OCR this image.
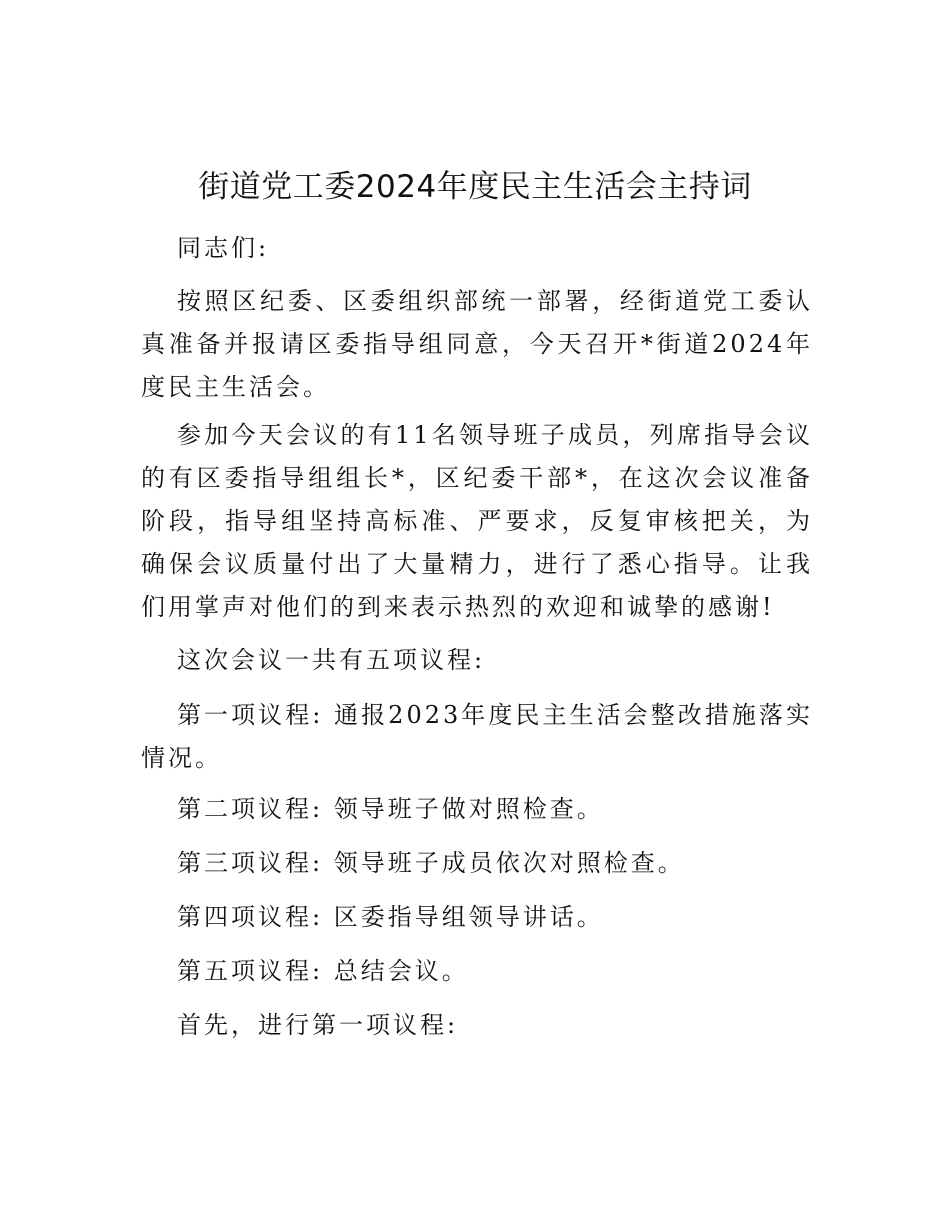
街道党工委2024年度民主生活会主持词

同志们:

按照区纪委、区委组织部统一部署，经街道党工委认真准备并报请区委指导组同意，今天召开*街道2024年度民主生活会。

参加今天会议的有11名领导班子成员，列席指导会议的有区委指导组组长*，区纪委干部*，在这次会议准备阶段，指导组坚持高标准、严要求，反复审核把关，为确保会议质量付出了大量精力，进行了悉心指导。让我们用掌声对他们的到来表示热烈的欢迎和诚挚的感谢!

这次会议一共有五项议程:

第一项议程: 通报2023年度民主生活会整改措施落实情况。

第二项议程: 领导班子做对照检查。

第三项议程: 领导班子成员依次对照检查。

第四项议程: 区委指导组领导讲话。

第五项议程: 总结会议。

首先，进行第一项议程:
